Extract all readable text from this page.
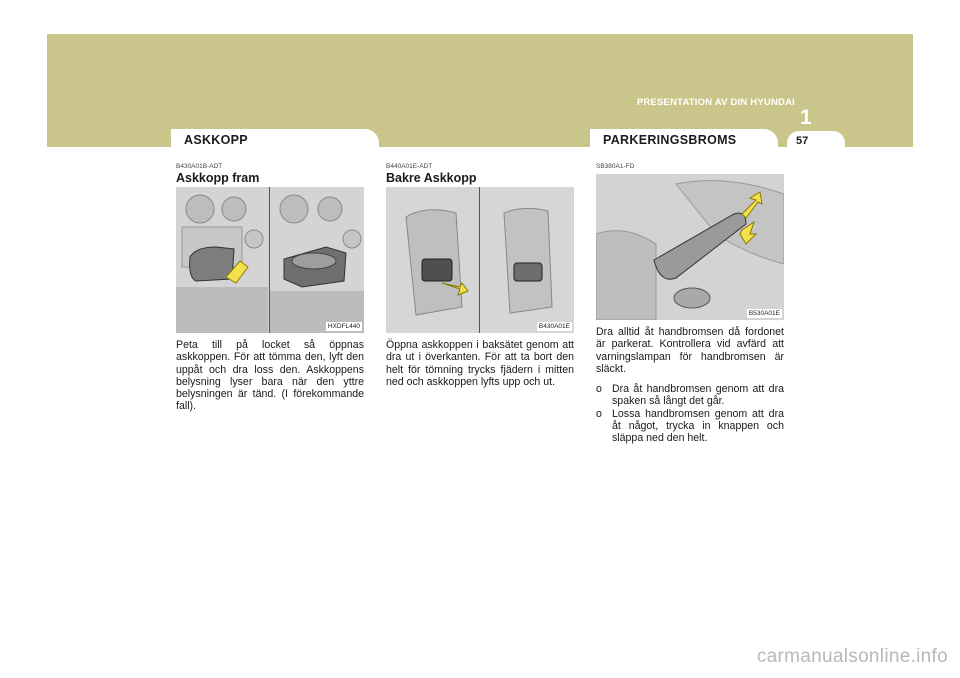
PRESENTATION AV DIN HYUNDAI
1
57
ASKKOPP	PARKERINGSBROMS
B430A01B-ADT
Askkopp fram
HXDFL440

Peta till på locket så öppnas askkoppen. För att tömma den, lyft den uppåt och dra loss den. Askkoppens belysning lyser bara när den yttre belysningen är tänd. (I förekommande fall).

B440A01E-ADT
Bakre Askkopp
B430A01E

Öppna askkoppen i baksätet genom att dra ut i överkanten. För att ta bort den helt för tömning trycks fjädern i mitten ned och askkoppen lyfts upp och ut.

SB380A1-FD
B530A01E

Dra alltid åt handbromsen då fordonet är parkerat. Kontrollera vid avfärd att varningslampan för handbromsen är släckt.

o Dra åt handbromsen genom att dra spaken så långt det går.
o Lossa handbromsen genom att dra åt något, trycka in knappen och släppa ned den helt.
carmanualsonline.info
